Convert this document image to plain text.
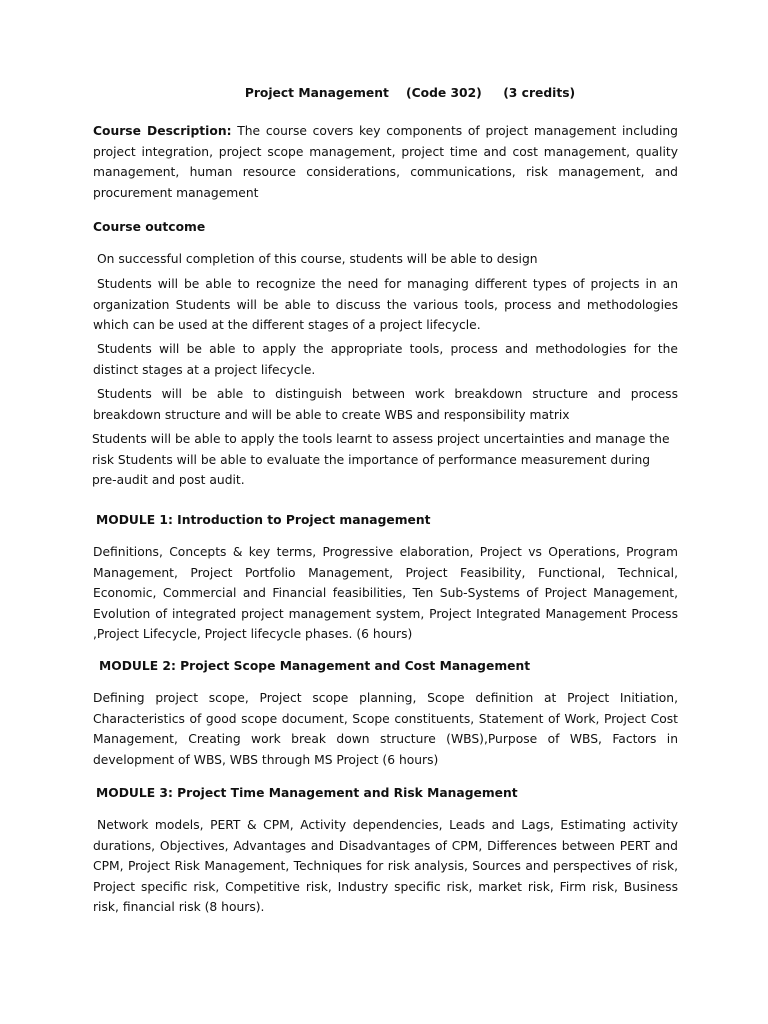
Project Management    (Code 302)     (3 credits)

Course Description: The course covers key components of project management including project integration, project scope management, project time and cost management, quality management, human resource considerations, communications, risk management, and procurement management

Course outcome

On successful completion of this course, students will be able to design

Students will be able to recognize the need for managing different types of projects in an organization Students will be able to discuss the various tools, process and methodologies which can be used at the different stages of a project lifecycle.

Students will be able to apply the appropriate tools, process and methodologies for the distinct stages at a project lifecycle.

Students will be able to distinguish between work breakdown structure and process breakdown structure and will be able to create WBS and responsibility matrix

Students will be able to apply the tools learnt to assess project uncertainties and manage the risk Students will be able to evaluate the importance of performance measurement during pre-audit and post audit.

MODULE 1: Introduction to Project management

Definitions, Concepts & key terms, Progressive elaboration, Project vs Operations, Program Management, Project Portfolio Management, Project Feasibility, Functional, Technical, Economic, Commercial and Financial feasibilities, Ten Sub-Systems of Project Management, Evolution of integrated project management system, Project Integrated Management Process ,Project Lifecycle, Project lifecycle phases. (6 hours)

MODULE 2: Project Scope Management and Cost Management

Defining project scope, Project scope planning, Scope definition at Project Initiation, Characteristics of good scope document, Scope constituents, Statement of Work, Project Cost Management, Creating work break down structure (WBS),Purpose of WBS, Factors in development of WBS, WBS through MS Project (6 hours)

MODULE 3: Project Time Management and Risk Management

Network models, PERT & CPM, Activity dependencies, Leads and Lags, Estimating activity durations, Objectives, Advantages and Disadvantages of CPM, Differences between PERT and CPM, Project Risk Management, Techniques for risk analysis, Sources and perspectives of risk, Project specific risk, Competitive risk, Industry specific risk, market risk, Firm risk, Business risk, financial risk (8 hours).
